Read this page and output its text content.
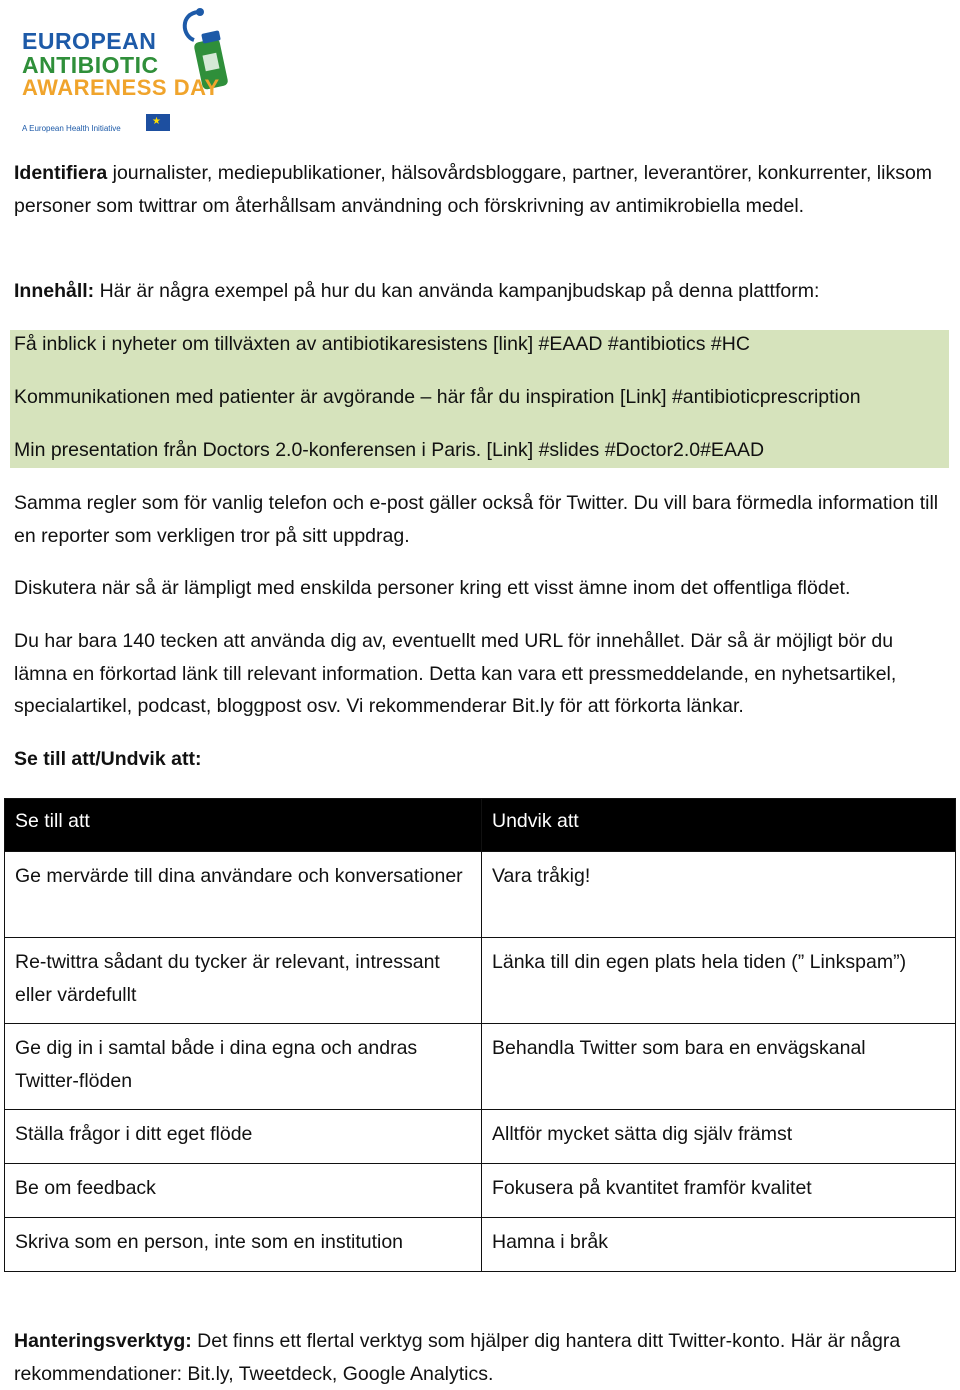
EUROPEAN
ANTIBIOTIC
AWARENESS DAY
A European Health Initiative
★

Identifiera journalister, mediepublikationer, hälsovårdsbloggare, partner, leverantörer, konkurrenter, liksom personer som twittrar om återhållsam användning och förskrivning av antimikrobiella medel.

Innehåll: Här är några exempel på hur du kan använda kampanjbudskap på denna plattform:

Få inblick i nyheter om tillväxten av antibiotikaresistens [link] #EAAD #antibiotics #HC

Kommunikationen med patienter är avgörande – här får du inspiration [Link] #antibioticprescription

Min presentation från Doctors 2.0-konferensen i Paris. [Link] #slides #Doctor2.0#EAAD

Samma regler som för vanlig telefon och e-post gäller också för Twitter. Du vill bara förmedla information till en reporter som verkligen tror på sitt uppdrag.

Diskutera när så är lämpligt med enskilda personer kring ett visst ämne inom det offentliga flödet.

Du har bara 140 tecken att använda dig av, eventuellt med URL för innehållet. Där så är möjligt bör du lämna en förkortad länk till relevant information. Detta kan vara ett pressmeddelande, en nyhetsartikel, specialartikel, podcast, bloggpost osv. Vi rekommenderar Bit.ly för att förkorta länkar.

Se till att/Undvik att:

Se till att	Undvik att
Ge mervärde till dina användare och konversationer	Vara tråkig!
Re-twittra sådant du tycker är relevant, intressant eller värdefullt	Länka till din egen plats hela tiden (” Linkspam”)
Ge dig in i samtal både i dina egna och andras Twitter-flöden	Behandla Twitter som bara en envägskanal
Ställa frågor i ditt eget flöde	Alltför mycket sätta dig själv främst
Be om feedback	Fokusera på kvantitet framför kvalitet
Skriva som en person, inte som en institution	Hamna i bråk

Hanteringsverktyg: Det finns ett flertal verktyg som hjälper dig hantera ditt Twitter-konto. Här är några rekommendationer: Bit.ly, Tweetdeck, Google Analytics.
